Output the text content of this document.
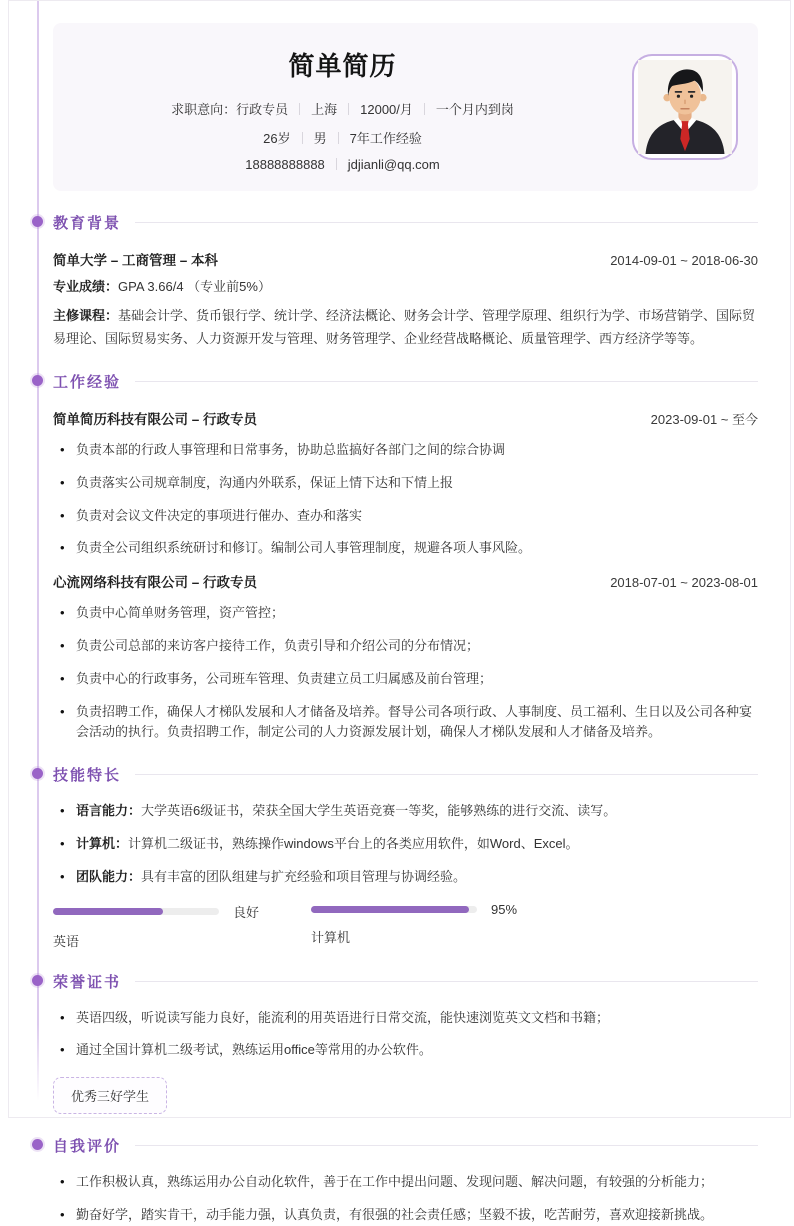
简单简历
求职意向：行政专员 上海 12000/月 一个月内到岗
26岁 男 7年工作经验
18888888888 jdjianli@qq.com
教育背景
简单大学 – 工商管理 – 本科	2014-09-01 ~ 2018-06-30
专业成绩：GPA 3.66/4 （专业前5%）
主修课程：基础会计学、货币银行学、统计学、经济法概论、财务会计学、管理学原理、组织行为学、市场营销学、国际贸易理论、国际贸易实务、人力资源开发与管理、财务管理学、企业经营战略概论、质量管理学、西方经济学等等。
工作经验
简单简历科技有限公司 – 行政专员	2023-09-01 ~ 至今
• 负责本部的行政人事管理和日常事务，协助总监搞好各部门之间的综合协调
• 负责落实公司规章制度，沟通内外联系，保证上情下达和下情上报
• 负责对会议文件决定的事项进行催办、查办和落实
• 负责全公司组织系统研讨和修订。编制公司人事管理制度，规避各项人事风险。
心流网络科技有限公司 – 行政专员	2018-07-01 ~ 2023-08-01
• 负责中心简单财务管理，资产管控；
• 负责公司总部的来访客户接待工作，负责引导和介绍公司的分布情况；
• 负责中心的行政事务，公司班车管理、负责建立员工归属感及前台管理；
• 负责招聘工作，确保人才梯队发展和人才储备及培养。督导公司各项行政、人事制度、员工福利、生日以及公司各种宴会活动的执行。负责招聘工作，制定公司的人力资源发展计划，确保人才梯队发展和人才储备及培养。
技能特长
• 语言能力：大学英语6级证书，荣获全国大学生英语竞赛一等奖，能够熟练的进行交流、读写。
• 计算机：计算机二级证书，熟练操作windows平台上的各类应用软件，如Word、Excel。
• 团队能力：具有丰富的团队组建与扩充经验和项目管理与协调经验。
良好
英语
95%
计算机
荣誉证书
• 英语四级，听说读写能力良好，能流利的用英语进行日常交流，能快速浏览英文文档和书籍；
• 通过全国计算机二级考试，熟练运用office等常用的办公软件。
优秀三好学生
自我评价
• 工作积极认真，熟练运用办公自动化软件，善于在工作中提出问题、发现问题、解决问题，有较强的分析能力；
• 勤奋好学，踏实肯干，动手能力强，认真负责，有很强的社会责任感；坚毅不拔，吃苦耐劳，喜欢迎接新挑战。
